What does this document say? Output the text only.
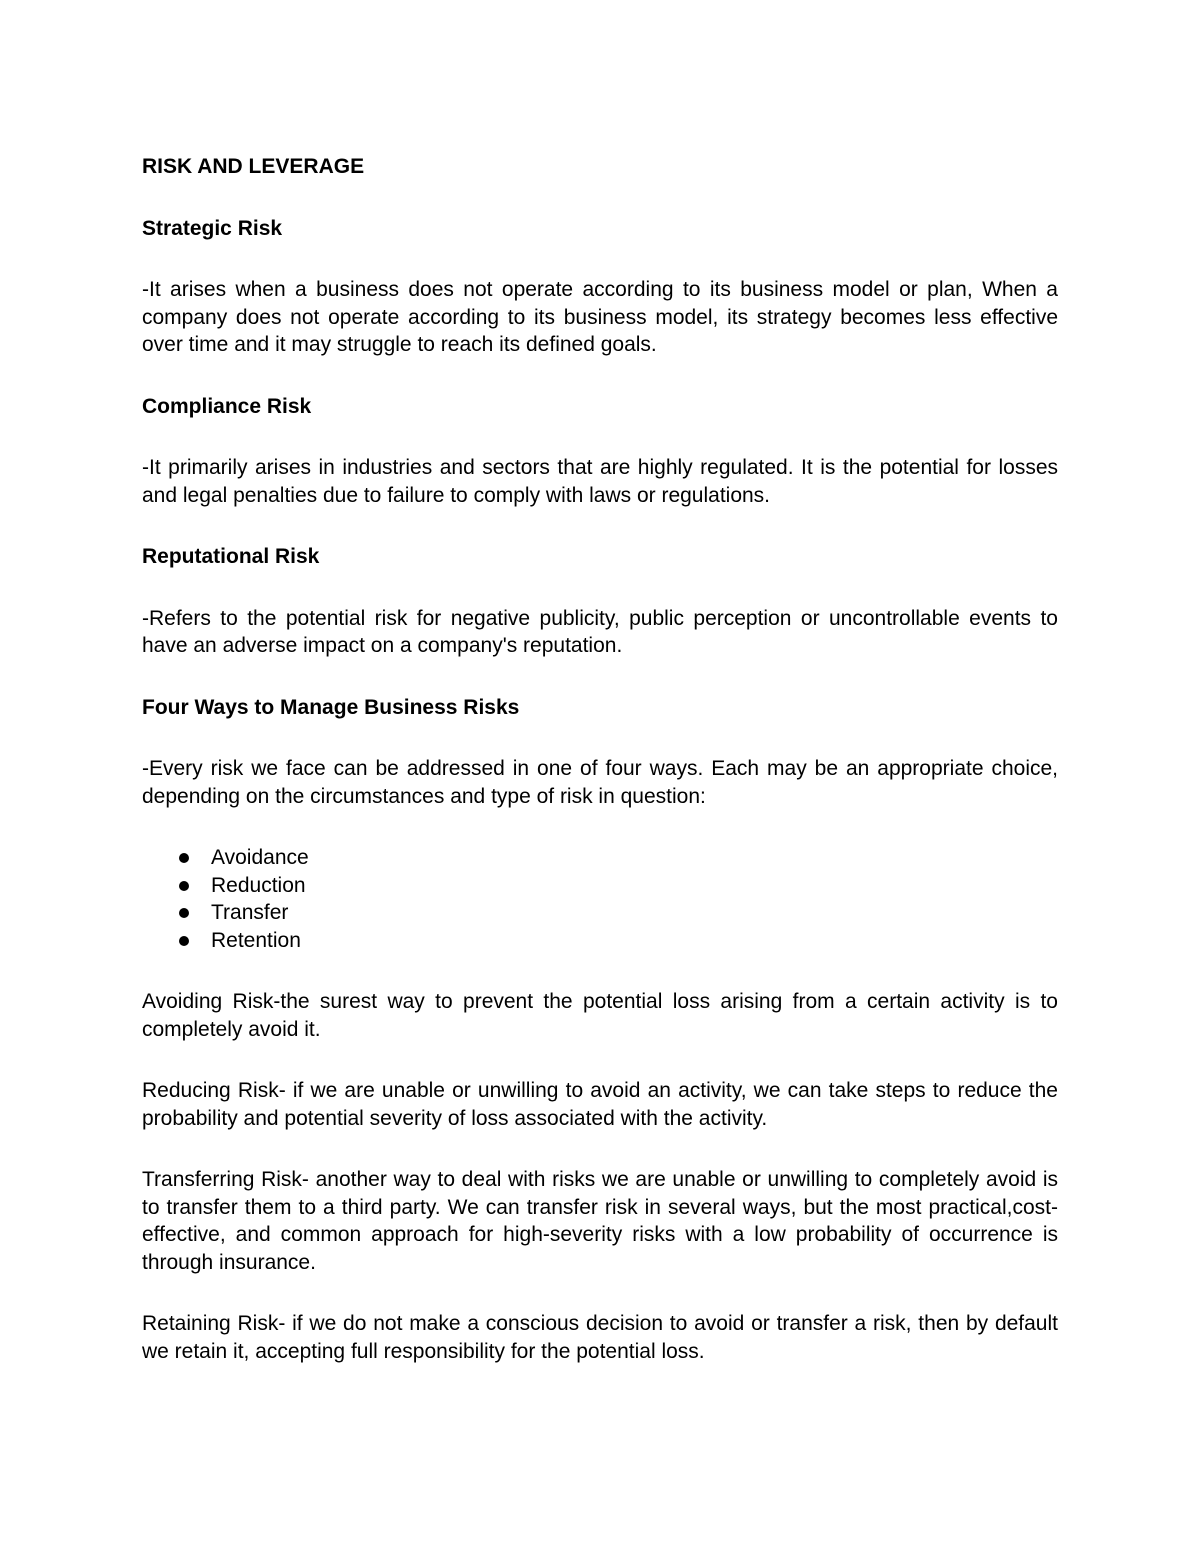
RISK AND LEVERAGE
Strategic Risk

-It arises when a business does not operate according to its business model or plan, When a company does not operate according to its business model, its strategy becomes less effective over time and it may struggle to reach its defined goals.

Compliance Risk

-It primarily arises in industries and sectors that are highly regulated. It is the potential for losses and legal penalties due to failure to comply with laws or regulations.

Reputational Risk

-Refers to the potential risk for negative publicity, public perception or uncontrollable events to have an adverse impact on a company's reputation.

Four Ways to Manage Business Risks

-Every risk we face can be addressed in one of four ways. Each may be an appropriate choice, depending on the circumstances and type of risk in question:

Avoidance
Reduction
Transfer
Retention

Avoiding Risk-the surest way to prevent the potential loss arising from a certain activity is to completely avoid it.

Reducing Risk- if we are unable or unwilling to avoid an activity, we can take steps to reduce the probability and potential severity of loss associated with the activity.

Transferring Risk- another way to deal with risks we are unable or unwilling to completely avoid is to transfer them to a third party. We can transfer risk in several ways, but the most practical,cost-effective, and common approach for high-severity risks with a low probability of occurrence is through insurance.

Retaining Risk- if we do not make a conscious decision to avoid or transfer a risk, then by default we retain it, accepting full responsibility for the potential loss.
